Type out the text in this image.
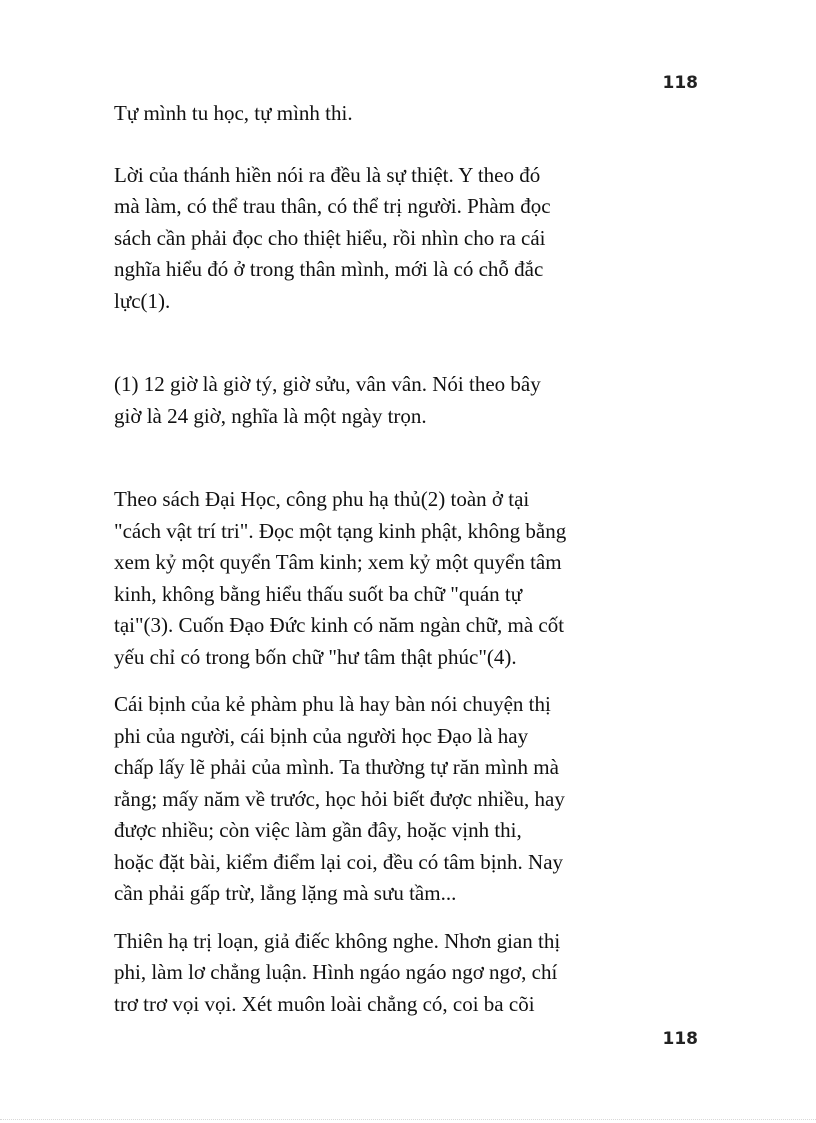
118

Tự mình tu học, tự mình thi.

Lời của thánh hiền nói ra đều là sự thiệt. Y theo đó
mà làm, có thể trau thân, có thể trị người. Phàm đọc
sách cần phải đọc cho thiệt hiểu, rồi nhìn cho ra cái
nghĩa hiểu đó ở trong thân mình, mới là có chỗ đắc
lực(1).

(1) 12 giờ là giờ tý, giờ sửu, vân vân. Nói theo bây
giờ là 24 giờ, nghĩa là một ngày trọn.

Theo sách Đại Học, công phu hạ thủ(2) toàn ở tại
"cách vật trí tri". Đọc một tạng kinh phật, không bằng
xem kỷ một quyển Tâm kinh; xem kỷ một quyển tâm
kinh, không bằng hiểu thấu suốt ba chữ "quán tự
tại"(3). Cuốn Đạo Đức kinh có năm ngàn chữ, mà cốt
yếu chỉ có trong bốn chữ "hư tâm thật phúc"(4).

Cái bịnh của kẻ phàm phu là hay bàn nói chuyện thị
phi của người, cái bịnh của người học Đạo là hay
chấp lấy lẽ phải của mình. Ta thường tự răn mình mà
rằng; mấy năm về trước, học hỏi biết được nhiều, hay
được nhiều; còn việc làm gần đây, hoặc vịnh thi,
hoặc đặt bài, kiểm điểm lại coi, đều có tâm bịnh. Nay
cần phải gấp trừ, lẳng lặng mà sưu tầm...

Thiên hạ trị loạn, giả điếc không nghe. Nhơn gian thị
phi, làm lơ chẳng luận. Hình ngáo ngáo ngơ ngơ, chí
trơ trơ vọi vọi. Xét muôn loài chẳng có, coi ba cõi

118
